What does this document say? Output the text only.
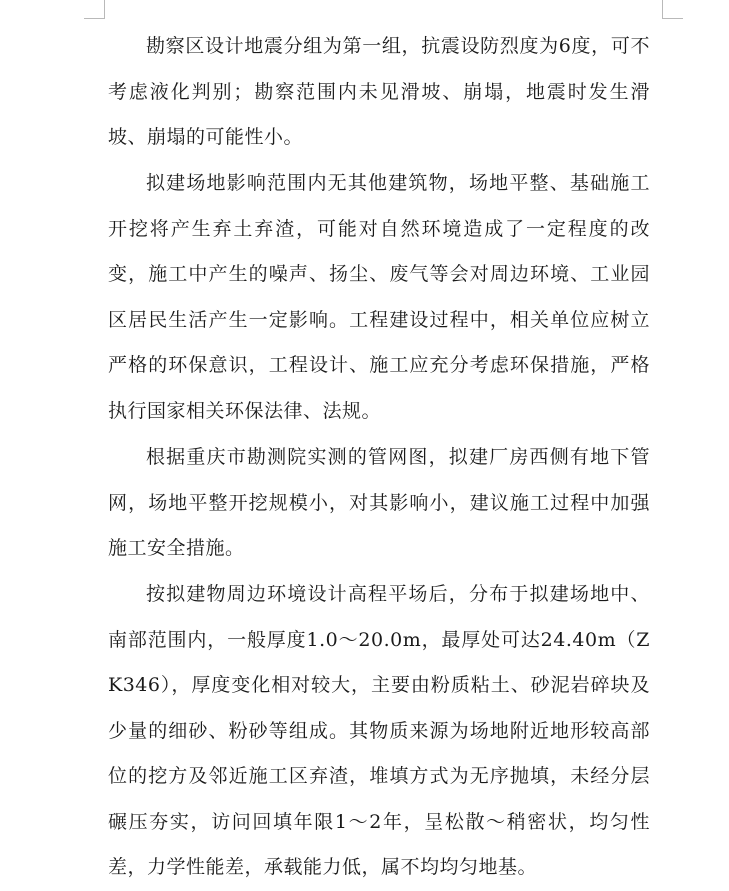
勘察区设计地震分组为第一组，抗震设防烈度为6度，可不考虑液化判别；勘察范围内未见滑坡、崩塌，地震时发生滑坡、崩塌的可能性小。

拟建场地影响范围内无其他建筑物，场地平整、基础施工开挖将产生弃土弃渣，可能对自然环境造成了一定程度的改变，施工中产生的噪声、扬尘、废气等会对周边环境、工业园区居民生活产生一定影响。工程建设过程中，相关单位应树立严格的环保意识，工程设计、施工应充分考虑环保措施，严格执行国家相关环保法律、法规。

根据重庆市勘测院实测的管网图，拟建厂房西侧有地下管网，场地平整开挖规模小，对其影响小，建议施工过程中加强施工安全措施。

按拟建物周边环境设计高程平场后，分布于拟建场地中、南部范围内，一般厚度1.0～20.0m，最厚处可达24.40m（ZK346），厚度变化相对较大，主要由粉质粘土、砂泥岩碎块及少量的细砂、粉砂等组成。其物质来源为场地附近地形较高部位的挖方及邻近施工区弃渣，堆填方式为无序抛填，未经分层碾压夯实，访问回填年限1～2年，呈松散～稍密状，均匀性差，力学性能差，承载能力低，属不均均匀地基。
